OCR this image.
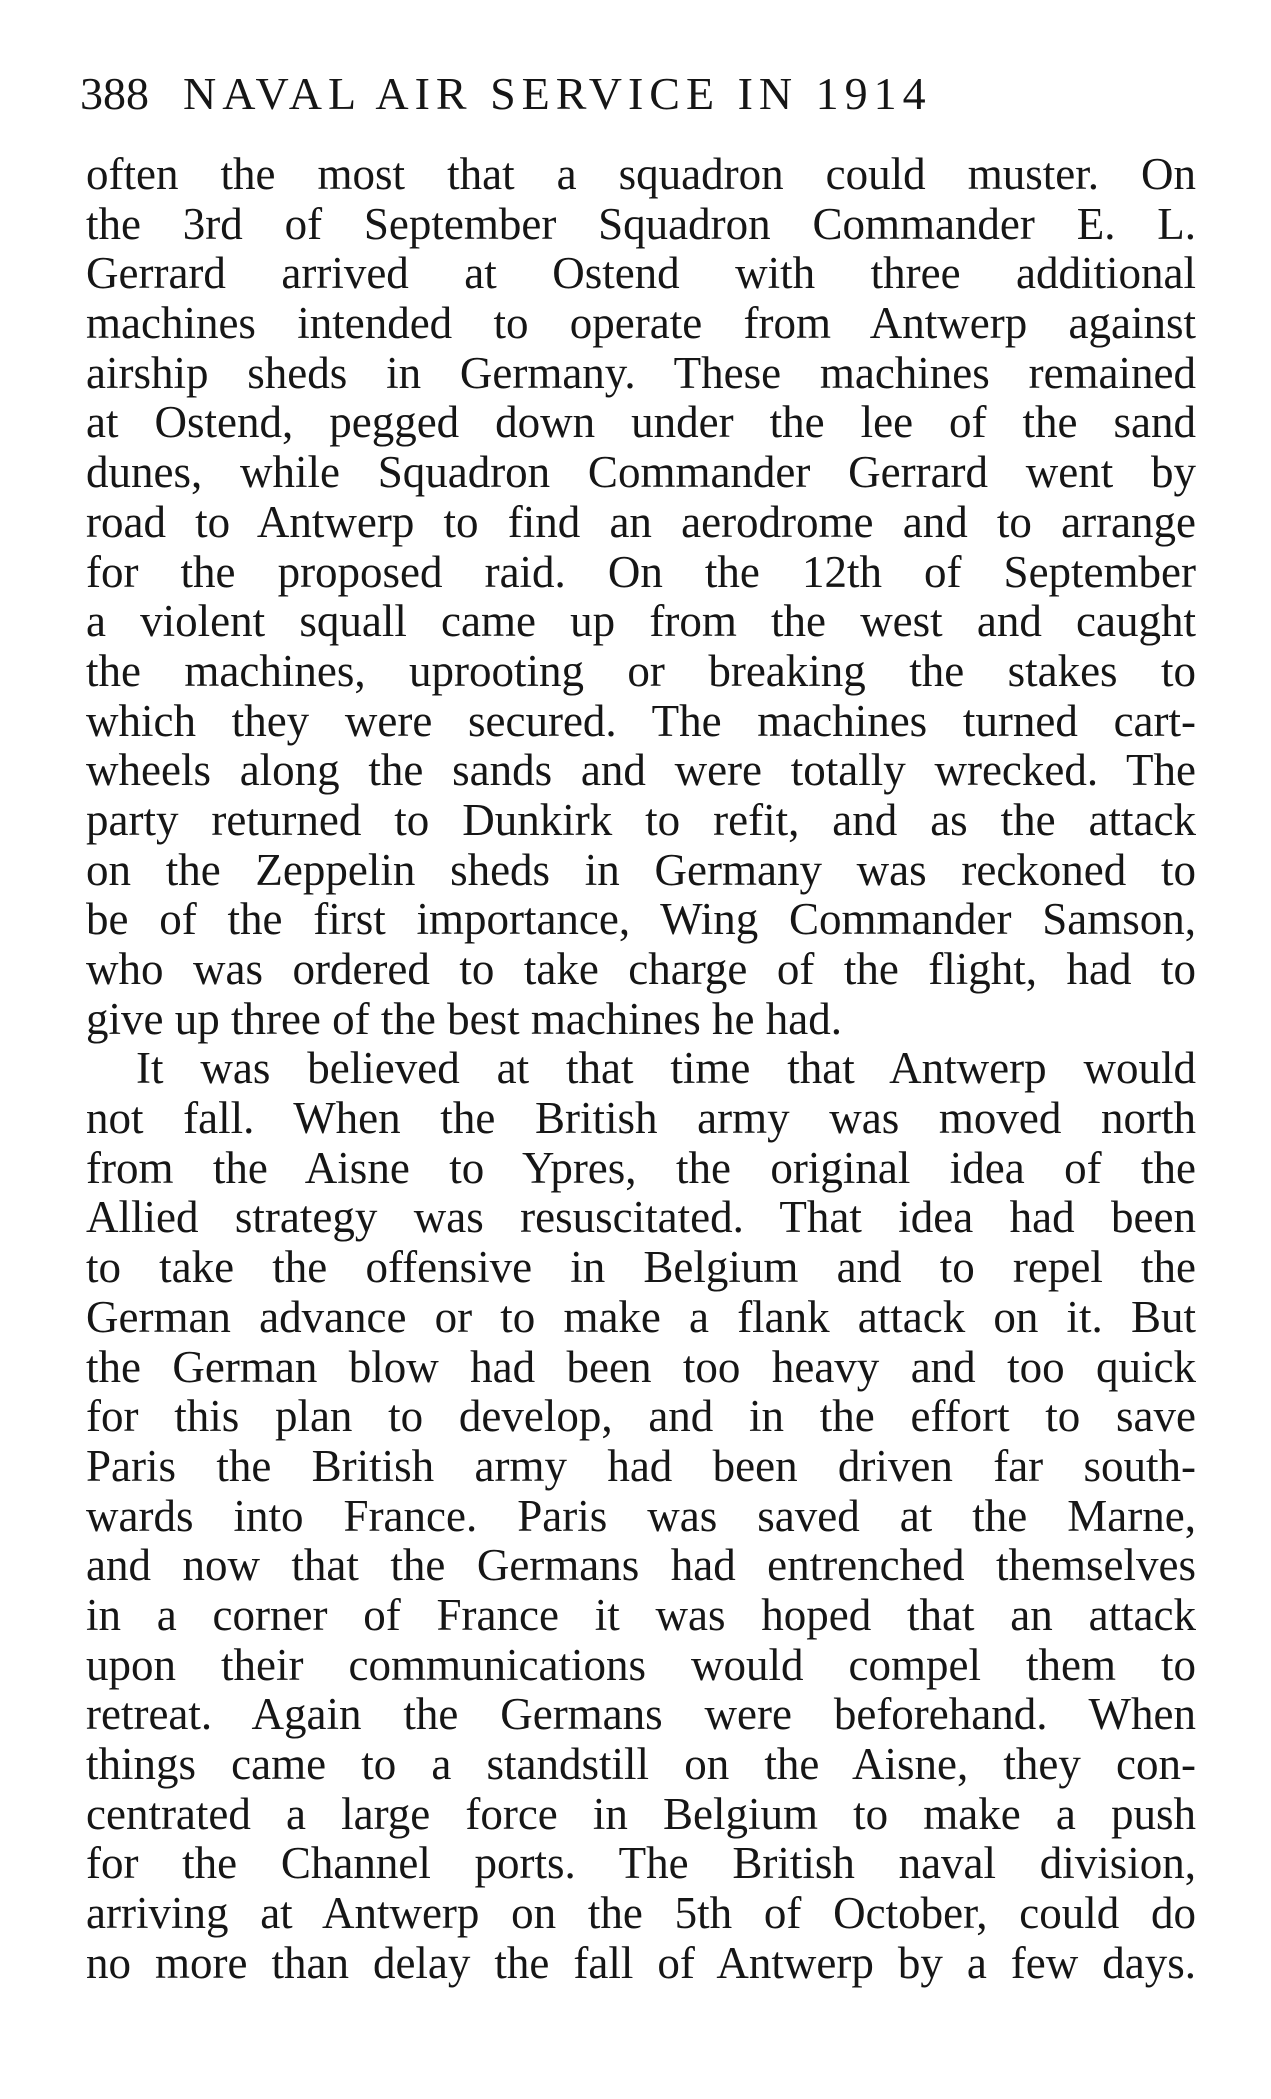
388 NAVAL AIR SERVICE IN 1914
often the most that a squadron could muster. On
the 3rd of September Squadron Commander E. L.
Gerrard arrived at Ostend with three additional
machines intended to operate from Antwerp against
airship sheds in Germany. These machines remained
at Ostend, pegged down under the lee of the sand
dunes, while Squadron Commander Gerrard went by
road to Antwerp to find an aerodrome and to arrange
for the proposed raid. On the 12th of September
a violent squall came up from the west and caught
the machines, uprooting or breaking the stakes to
which they were secured. The machines turned cart-
wheels along the sands and were totally wrecked. The
party returned to Dunkirk to refit, and as the attack
on the Zeppelin sheds in Germany was reckoned to
be of the first importance, Wing Commander Samson,
who was ordered to take charge of the flight, had to
give up three of the best machines he had.
It was believed at that time that Antwerp would
not fall. When the British army was moved north
from the Aisne to Ypres, the original idea of the
Allied strategy was resuscitated. That idea had been
to take the offensive in Belgium and to repel the
German advance or to make a flank attack on it. But
the German blow had been too heavy and too quick
for this plan to develop, and in the effort to save
Paris the British army had been driven far south-
wards into France. Paris was saved at the Marne,
and now that the Germans had entrenched themselves
in a corner of France it was hoped that an attack
upon their communications would compel them to
retreat. Again the Germans were beforehand. When
things came to a standstill on the Aisne, they con-
centrated a large force in Belgium to make a push
for the Channel ports. The British naval division,
arriving at Antwerp on the 5th of October, could do
no more than delay the fall of Antwerp by a few days.
